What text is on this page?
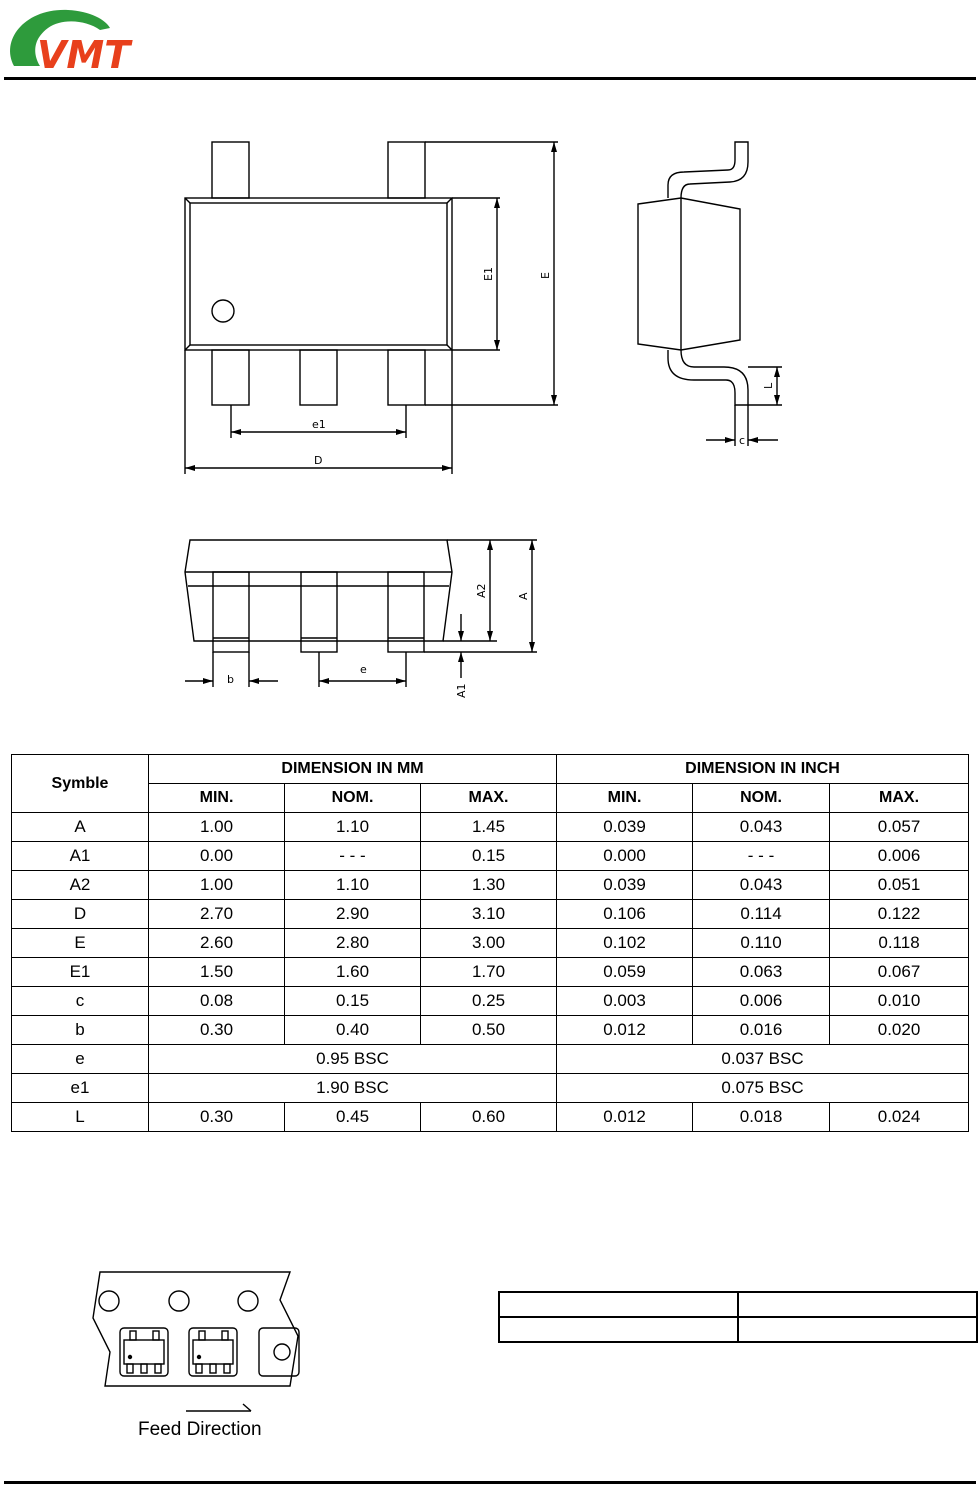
VMT
e1
D
E1	E
L
c
A2	A
A1
b
e
Symble	DIMENSION IN MM			DIMENSION IN INCH		
	MIN.	NOM.	MAX.	MIN.	NOM.	MAX.
A	1.00	1.10	1.45	0.039	0.043	0.057
A1	0.00	- - -	0.15	0.000	- - -	0.006
A2	1.00	1.10	1.30	0.039	0.043	0.051
D	2.70	2.90	3.10	0.106	0.114	0.122
E	2.60	2.80	3.00	0.102	0.110	0.118
E1	1.50	1.60	1.70	0.059	0.063	0.067
c	0.08	0.15	0.25	0.003	0.006	0.010
b	0.30	0.40	0.50	0.012	0.016	0.020
e	0.95 BSC			0.037 BSC		
e1	1.90 BSC			0.075 BSC		
L	0.30	0.45	0.60	0.012	0.018	0.024
Feed Direction
